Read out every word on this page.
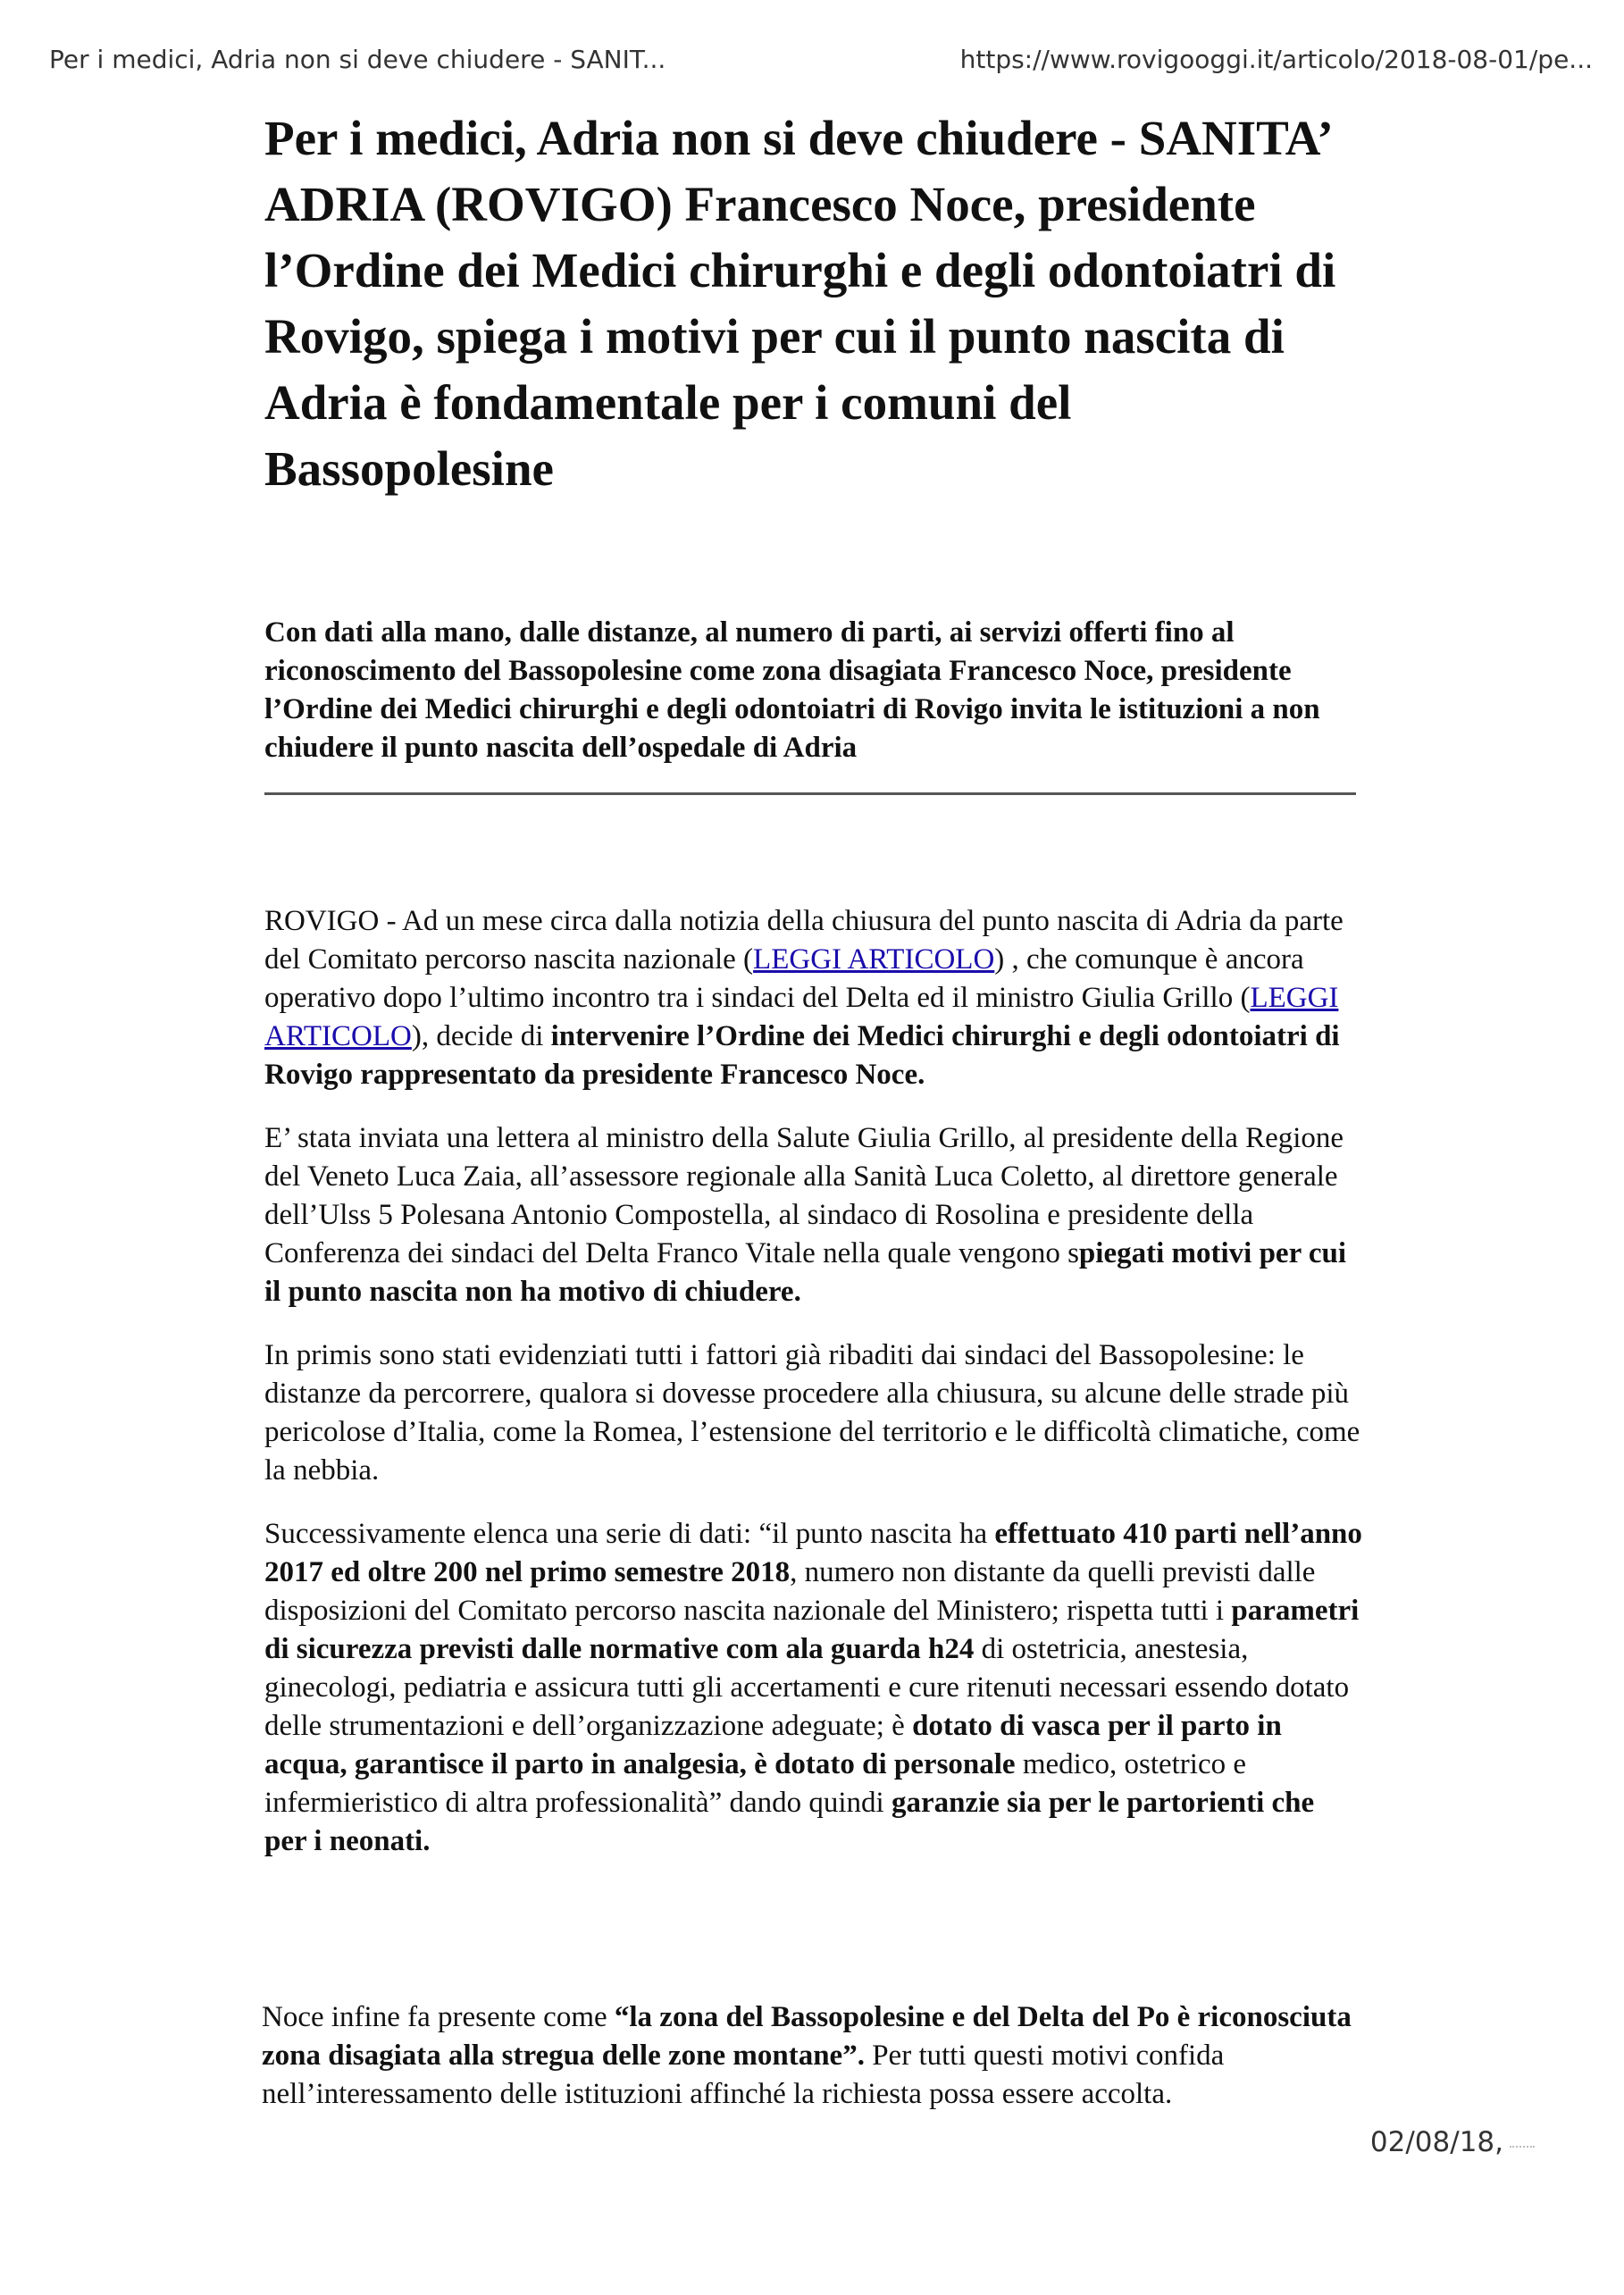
Per i medici, Adria non si deve chiudere - SANIT...	https://www.rovigooggi.it/articolo/2018-08-01/pe...
Per i medici, Adria non si deve chiudere - SANITA’ ADRIA (ROVIGO) Francesco Noce, presidente l’Ordine dei Medici chirurghi e degli odontoiatri di Rovigo, spiega i motivi per cui il punto nascita di Adria è fondamentale per i comuni del Bassopolesine

Con dati alla mano, dalle distanze, al numero di parti, ai servizi offerti fino al riconoscimento del Bassopolesine come zona disagiata Francesco Noce, presidente l’Ordine dei Medici chirurghi e degli odontoiatri di Rovigo invita le istituzioni a non chiudere il punto nascita dell’ospedale di Adria

ROVIGO - Ad un mese circa dalla notizia della chiusura del punto nascita di Adria da parte del Comitato percorso nascita nazionale (LEGGI ARTICOLO) , che comunque è ancora operativo dopo l’ultimo incontro tra i sindaci del Delta ed il ministro Giulia Grillo (LEGGI ARTICOLO), decide di intervenire l’Ordine dei Medici chirurghi e degli odontoiatri di Rovigo rappresentato da presidente Francesco Noce.

E’ stata inviata una lettera al ministro della Salute Giulia Grillo, al presidente della Regione del Veneto Luca Zaia, all’assessore regionale alla Sanità Luca Coletto, al direttore generale dell’Ulss 5 Polesana Antonio Compostella, al sindaco di Rosolina e presidente della Conferenza dei sindaci del Delta Franco Vitale nella quale vengono spiegati motivi per cui il punto nascita non ha motivo di chiudere.

In primis sono stati evidenziati tutti i fattori già ribaditi dai sindaci del Bassopolesine: le distanze da percorrere, qualora si dovesse procedere alla chiusura, su alcune delle strade più pericolose d’Italia, come la Romea, l’estensione del territorio e le difficoltà climatiche, come la nebbia.

Successivamente elenca una serie di dati: “il punto nascita ha effettuato 410 parti nell’anno 2017 ed oltre 200 nel primo semestre 2018, numero non distante da quelli previsti dalle disposizioni del Comitato percorso nascita nazionale del Ministero; rispetta tutti i parametri di sicurezza previsti dalle normative com ala guarda h24 di ostetricia, anestesia, ginecologi, pediatria e assicura tutti gli accertamenti e cure ritenuti necessari essendo dotato delle strumentazioni e dell’organizzazione adeguate; è dotato di vasca per il parto in acqua, garantisce il parto in analgesia, è dotato di personale medico, ostetrico e infermieristico di altra professionalità” dando quindi garanzie sia per le partorienti che per i neonati.

Noce infine fa presente come “la zona del Bassopolesine e del Delta del Po è riconosciuta zona disagiata alla stregua delle zone montane”. Per tutti questi motivi confida nell’interessamento delle istituzioni affinché la richiesta possa essere accolta.

02/08/18,
